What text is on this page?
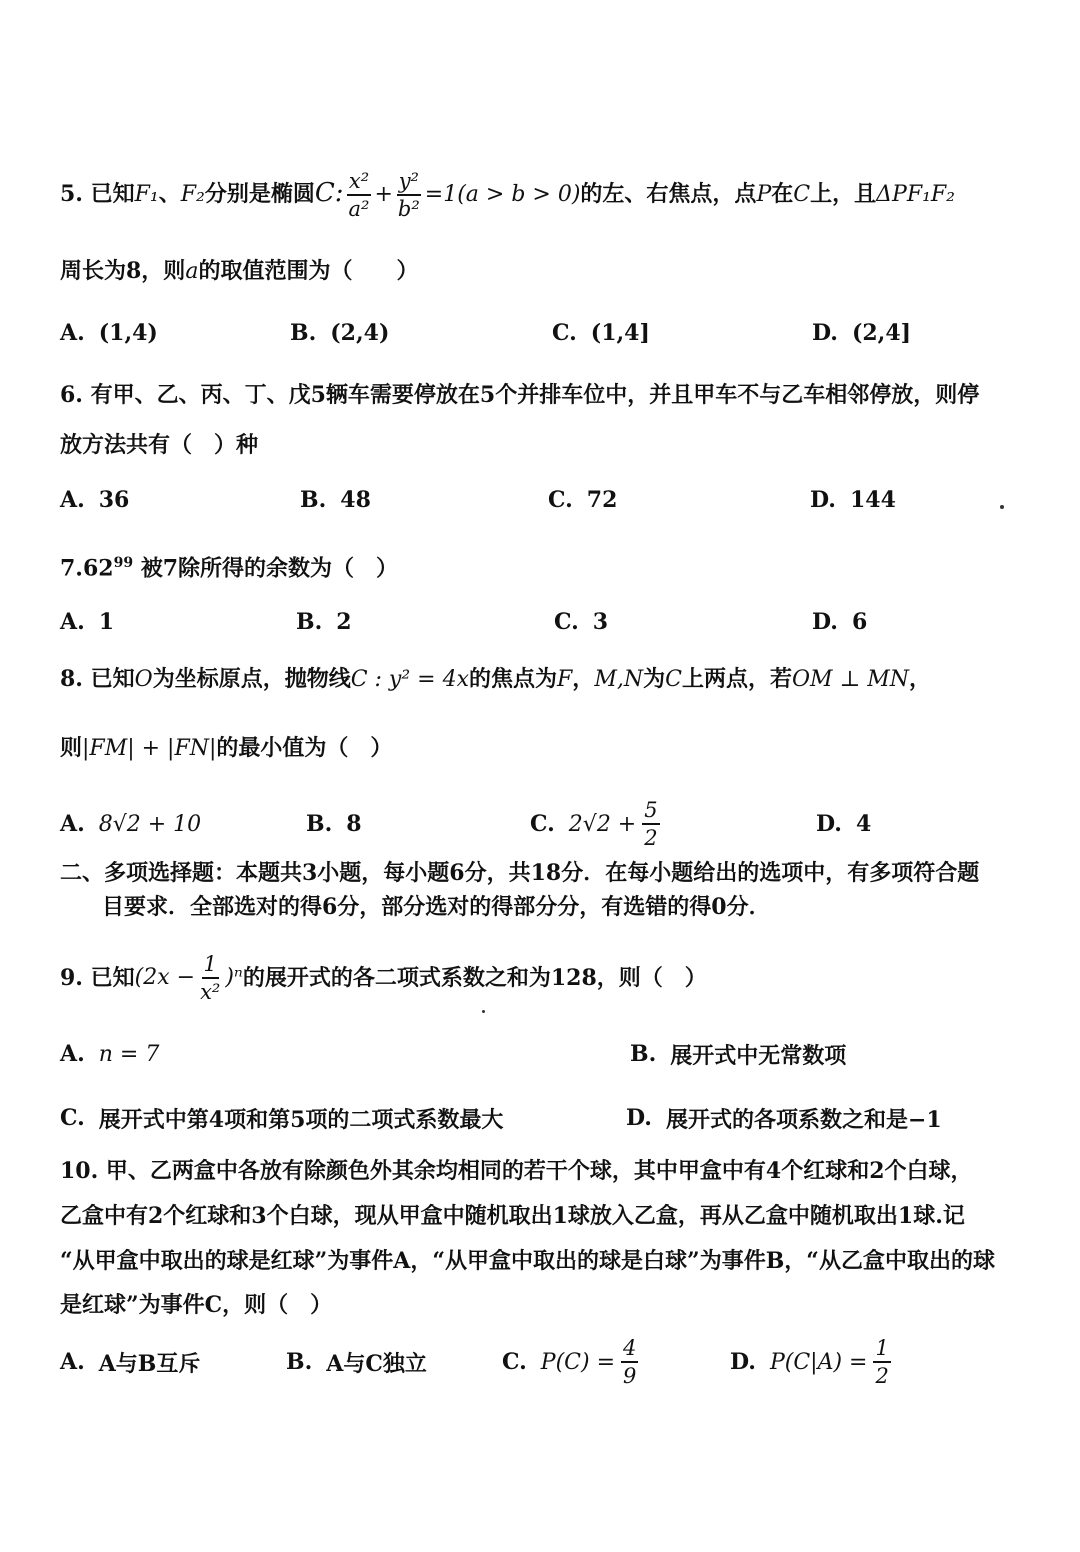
5. 已知F₁、F₂分别是椭圆C: $\frac{\text{x²}}{\text{a²}} + \frac{\text{y²}}{\text{b²}} =1(a > b > 0)$的左、右焦点，点P在C上，且ΔPF₁F₂
周长为8，则a的取值范围为（　　）
A. (1,4)	B. (2,4)	C. (1,4]	D. (2,4]
6. 有甲、乙、丙、丁、戊5辆车需要停放在5个并排车位中，并且甲车不与乙车相邻停放，则停
放方法共有（　）种
A. 36	B. 48	C. 72	D. 144
7.62$^{99}$ 被7除所得的余数为（　）
A. 1	B. 2	C. 3	D. 6
8. 已知O为坐标原点，抛物线C : y² = 4x的焦点为F，M,N为C上两点，若OM ⊥ MN，
则|FM| + |FN|的最小值为（　）
A. 8√2 + 10	B. 8	C. $2√2 + \frac{5}{2}$	D. 4
二、多项选择题：本题共3小题，每小题6分，共18分．在每小题给出的选项中，有多项符合题
目要求．全部选对的得6分，部分选对的得部分分，有选错的得0分．
9. 已知 $(2x - \frac{1}{\text{x²}} )^n$ 的展开式的各二项式系数之和为128，则（　）
A. n = 7	B. 展开式中无常数项
C. 展开式中第4项和第5项的二项式系数最大	D. 展开式的各项系数之和是−1
10. 甲、乙两盒中各放有除颜色外其余均相同的若干个球，其中甲盒中有4个红球和2个白球，
乙盒中有2个红球和3个白球，现从甲盒中随机取出1球放入乙盒，再从乙盒中随机取出1球.记
“从甲盒中取出的球是红球”为事件A，“从甲盒中取出的球是白球”为事件B，“从乙盒中取出的球
是红球”为事件C，则（　）
A. A与B互斥	B. A与C独立	C. $P(C) = \frac{4}{9}$	D. $P(C|A) = \frac{1}{2}$
